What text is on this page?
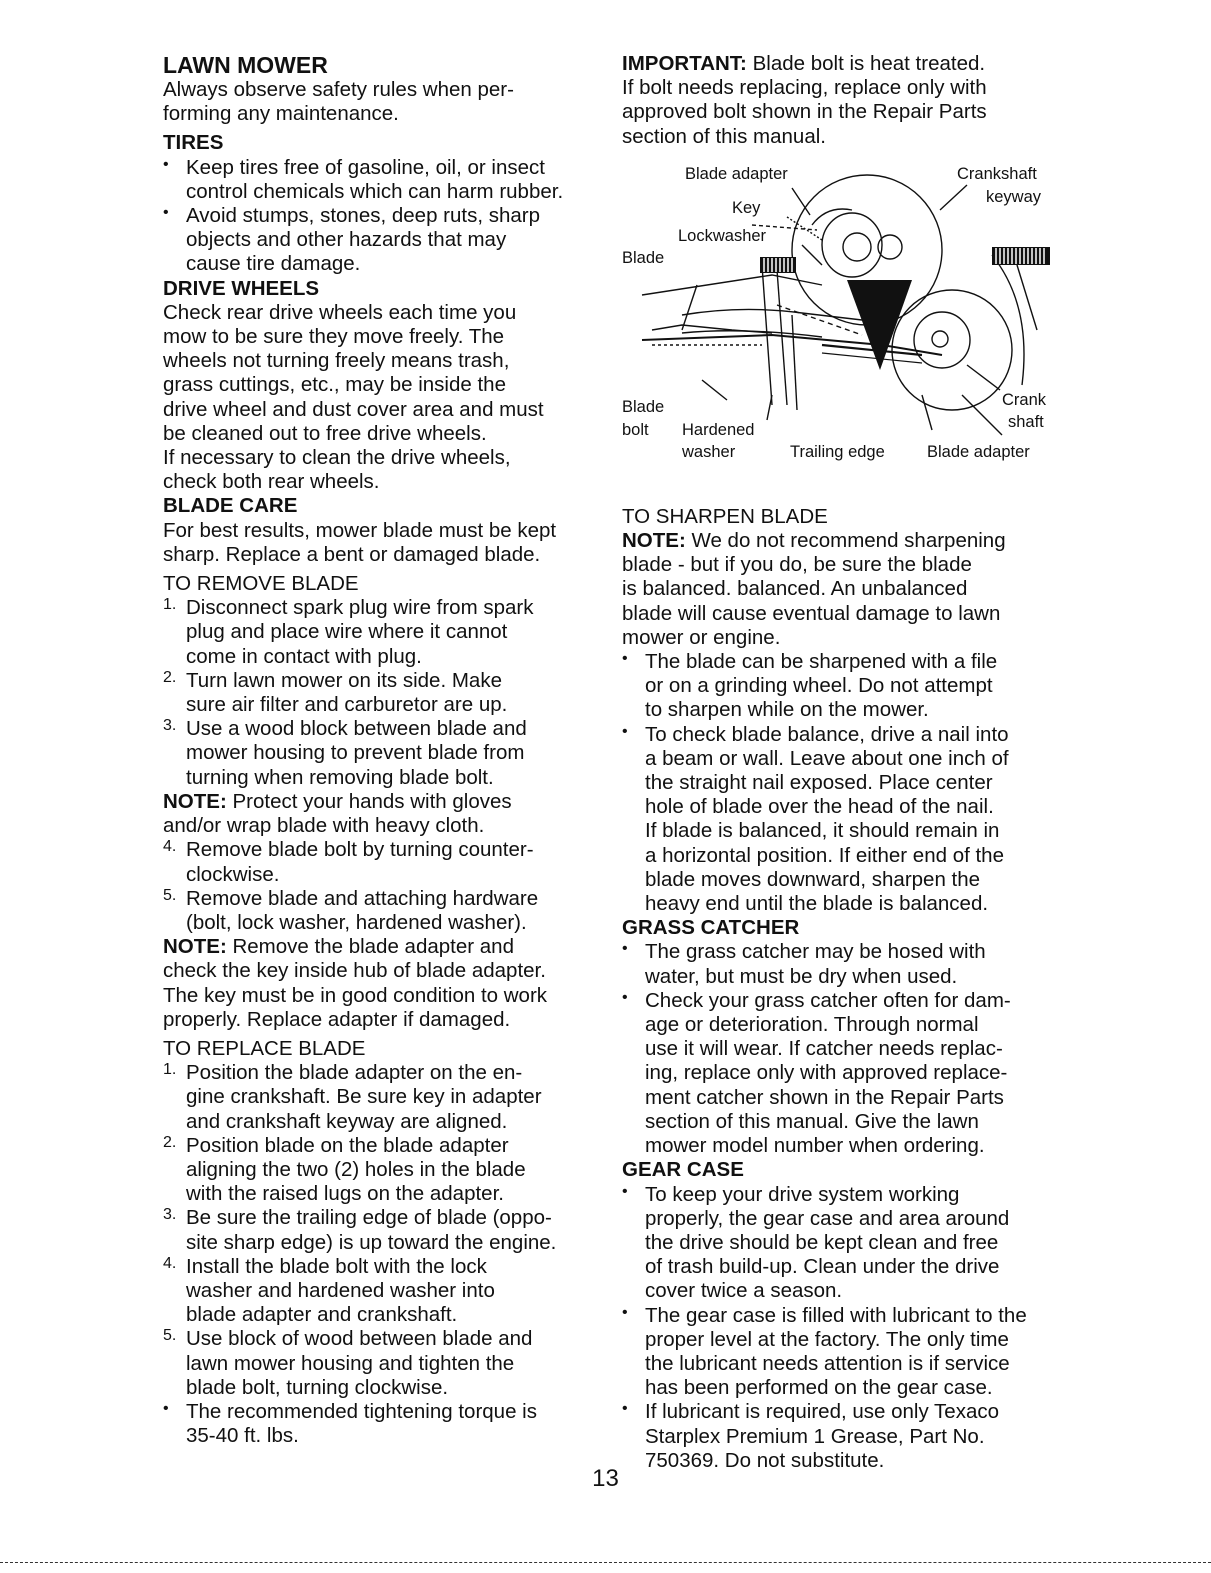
LAWN MOWER
Always observe safety rules when per-
forming any maintenance.
TIRES
• Keep tires free of gasoline, oil, or insect
control chemicals which can harm rubber.
• Avoid stumps, stones, deep ruts, sharp
objects and other hazards that may
cause tire damage.
DRIVE WHEELS
Check rear drive wheels each time you
mow to be sure they move freely. The
wheels not turning freely means trash,
grass cuttings, etc., may be inside the
drive wheel and dust cover area and must
be cleaned out to free drive wheels.
If necessary to clean the drive wheels,
check both rear wheels.
BLADE CARE
For best results, mower blade must be kept
sharp. Replace a bent or damaged blade.
TO REMOVE BLADE
1. Disconnect spark plug wire from spark
plug and place wire where it cannot
come in contact with plug.
2. Turn lawn mower on its side. Make
sure air filter and carburetor are up.
3. Use a wood block between blade and
mower housing to prevent blade from
turning when removing blade bolt.
NOTE: Protect your hands with gloves
and/or wrap blade with heavy cloth.
4. Remove blade bolt by turning counter-
clockwise.
5. Remove blade and attaching hardware
(bolt, lock washer, hardened washer).
NOTE: Remove the blade adapter and
check the key inside hub of blade adapter.
The key must be in good condition to work
properly. Replace adapter if damaged.
TO REPLACE BLADE
1. Position the blade adapter on the en-
gine crankshaft. Be sure key in adapter
and crankshaft keyway are aligned.
2. Position blade on the blade adapter
aligning the two (2) holes in the blade
with the raised lugs on the adapter.
3. Be sure the trailing edge of blade (oppo-
site sharp edge) is up toward the engine.
4. Install the blade bolt with the lock
washer and hardened washer into
blade adapter and crankshaft.
5. Use block of wood between blade and
lawn mower housing and tighten the
blade bolt, turning clockwise.
• The recommended tightening torque is
35-40 ft. lbs.
IMPORTANT: Blade bolt is heat treated.
If bolt needs replacing, replace only with
approved bolt shown in the Repair Parts
section of this manual.
Blade adapter	Crankshaft
keyway
Key
Lockwasher
Blade
Blade
bolt Hardened
washer	Trailing edge	Blade adapter
Crank
shaft
TO SHARPEN BLADE
NOTE: We do not recommend sharpening
blade - but if you do, be sure the blade
is balanced. balanced. An unbalanced
blade will cause eventual damage to lawn
mower or engine.
• The blade can be sharpened with a file
or on a grinding wheel. Do not attempt
to sharpen while on the mower.
• To check blade balance, drive a nail into
a beam or wall. Leave about one inch of
the straight nail exposed. Place center
hole of blade over the head of the nail.
If blade is balanced, it should remain in
a horizontal position. If either end of the
blade moves downward, sharpen the
heavy end until the blade is balanced.
GRASS CATCHER
• The grass catcher may be hosed with
water, but must be dry when used.
• Check your grass catcher often for dam-
age or deterioration. Through normal
use it will wear. If catcher needs replac-
ing, replace only with approved replace-
ment catcher shown in the Repair Parts
section of this manual. Give the lawn
mower model number when ordering.
GEAR CASE
• To keep your drive system working
properly, the gear case and area around
the drive should be kept clean and free
of trash build-up. Clean under the drive
cover twice a season.
• The gear case is filled with lubricant to the
proper level at the factory. The only time
the lubricant needs attention is if service
has been performed on the gear case.
• If lubricant is required, use only Texaco
Starplex Premium 1 Grease, Part No.
750369. Do not substitute.
13
